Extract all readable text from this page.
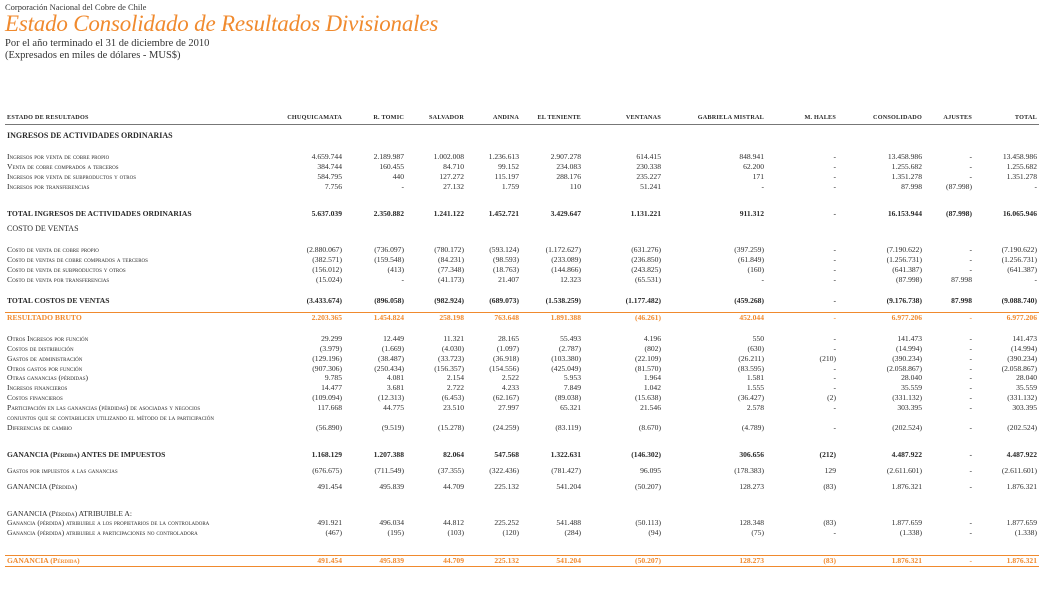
Corporación Nacional del Cobre de Chile
Estado Consolidado de Resultados Divisionales
Por el año terminado el 31 de diciembre de 2010
(Expresados en miles de dólares - MUS$)
ESTADO DE RESULTADOS	CHUQUICAMATA	R. TOMIC	SALVADOR	ANDINA	EL TENIENTE	VENTANAS	GABRIELA MISTRAL	M. HALES	CONSOLIDADO	AJUSTES	TOTAL

INGRESOS DE ACTIVIDADES ORDINARIAS											

Ingresos por venta de cobre propio	4.659.744	2.189.987	1.002.008	1.236.613	2.907.278	614.415	848.941	-	13.458.986	-	13.458.986
Venta de cobre comprados a terceros	384.744	160.455	84.710	99.152	234.083	230.338	62.200	-	1.255.682	-	1.255.682
Ingresos por venta de subproductos y otros	584.795	440	127.272	115.197	288.176	235.227	171	-	1.351.278	-	1.351.278
Ingresos por transferencias	7.756	-	27.132	1.759	110	51.241	-	-	87.998	(87.998)	-

TOTAL INGRESOS DE ACTIVIDADES ORDINARIAS	5.637.039	2.350.882	1.241.122	1.452.721	3.429.647	1.131.221	911.312	-	16.153.944	(87.998)	16.065.946

COSTO DE VENTAS											

Costo de venta de cobre propio	(2.880.067)	(736.097)	(780.172)	(593.124)	(1.172.627)	(631.276)	(397.259)	-	(7.190.622)	-	(7.190.622)
Costo de ventas de cobre comprados a terceros	(382.571)	(159.548)	(84.231)	(98.593)	(233.089)	(236.850)	(61.849)	-	(1.256.731)	-	(1.256.731)
Costo de venta de subproductos y otros	(156.012)	(413)	(77.348)	(18.763)	(144.866)	(243.825)	(160)	-	(641.387)	-	(641.387)
Costo de venta por transferencias	(15.024)	-	(41.173)	21.407	12.323	(65.531)	-	-	(87.998)	87.998	-

TOTAL COSTOS DE VENTAS	(3.433.674)	(896.058)	(982.924)	(689.073)	(1.538.259)	(1.177.482)	(459.268)	-	(9.176.738)	87.998	(9.088.740)

RESULTADO BRUTO	2.203.365	1.454.824	258.198	763.648	1.891.388	(46.261)	452.044	-	6.977.206	-	6.977.206

Otros Ingresos por función	29.299	12.449	11.321	28.165	55.493	4.196	550	-	141.473	-	141.473
Costos de distribución	(3.979)	(1.669)	(4.030)	(1.097)	(2.787)	(802)	(630)	-	(14.994)	-	(14.994)
Gastos de administración	(129.196)	(38.487)	(33.723)	(36.918)	(103.380)	(22.109)	(26.211)	(210)	(390.234)	-	(390.234)
Otros gastos por función	(907.306)	(250.434)	(156.357)	(154.556)	(425.049)	(81.570)	(83.595)	-	(2.058.867)	-	(2.058.867)
Otras ganancias (pérdidas)	9.785	4.081	2.154	2.522	5.953	1.964	1.581	-	28.040	-	28.040
Ingresos financieros	14.477	3.681	2.722	4.233	7.849	1.042	1.555	-	35.559	-	35.559
Costos financieros	(109.094)	(12.313)	(6.453)	(62.167)	(89.038)	(15.638)	(36.427)	(2)	(331.132)	-	(331.132)
Participación en las ganancias (pérdidas) de asociadas y negocios	117.668	44.775	23.510	27.997	65.321	21.546	2.578	-	303.395	-	303.395
conjuntos que se contabilicen utilizando el método de la participación											
Diferencias de cambio	(56.890)	(9.519)	(15.278)	(24.259)	(83.119)	(8.670)	(4.789)	-	(202.524)	-	(202.524)

GANANCIA (Pérdida) ANTES DE IMPUESTOS	1.168.129	1.207.388	82.064	547.568	1.322.631	(146.302)	306.656	(212)	4.487.922	-	4.487.922

Gastos por impuestos a las ganancias	(676.675)	(711.549)	(37.355)	(322.436)	(781.427)	96.095	(178.383)	129	(2.611.601)	-	(2.611.601)

GANANCIA (Pérdida)	491.454	495.839	44.709	225.132	541.204	(50.207)	128.273	(83)	1.876.321	-	1.876.321

GANANCIA (Pérdida) ATRIBUIBLE A:											
Ganancia (pérdida) atribuible a los propietarios de la controladora	491.921	496.034	44.812	225.252	541.488	(50.113)	128.348	(83)	1.877.659	-	1.877.659
Ganancia (pérdida) atribuible a participaciones no controladora	(467)	(195)	(103)	(120)	(284)	(94)	(75)	-	(1.338)	-	(1.338)

GANANCIA (Pérdida)	491.454	495.839	44.709	225.132	541.204	(50.207)	128.273	(83)	1.876.321	-	1.876.321
